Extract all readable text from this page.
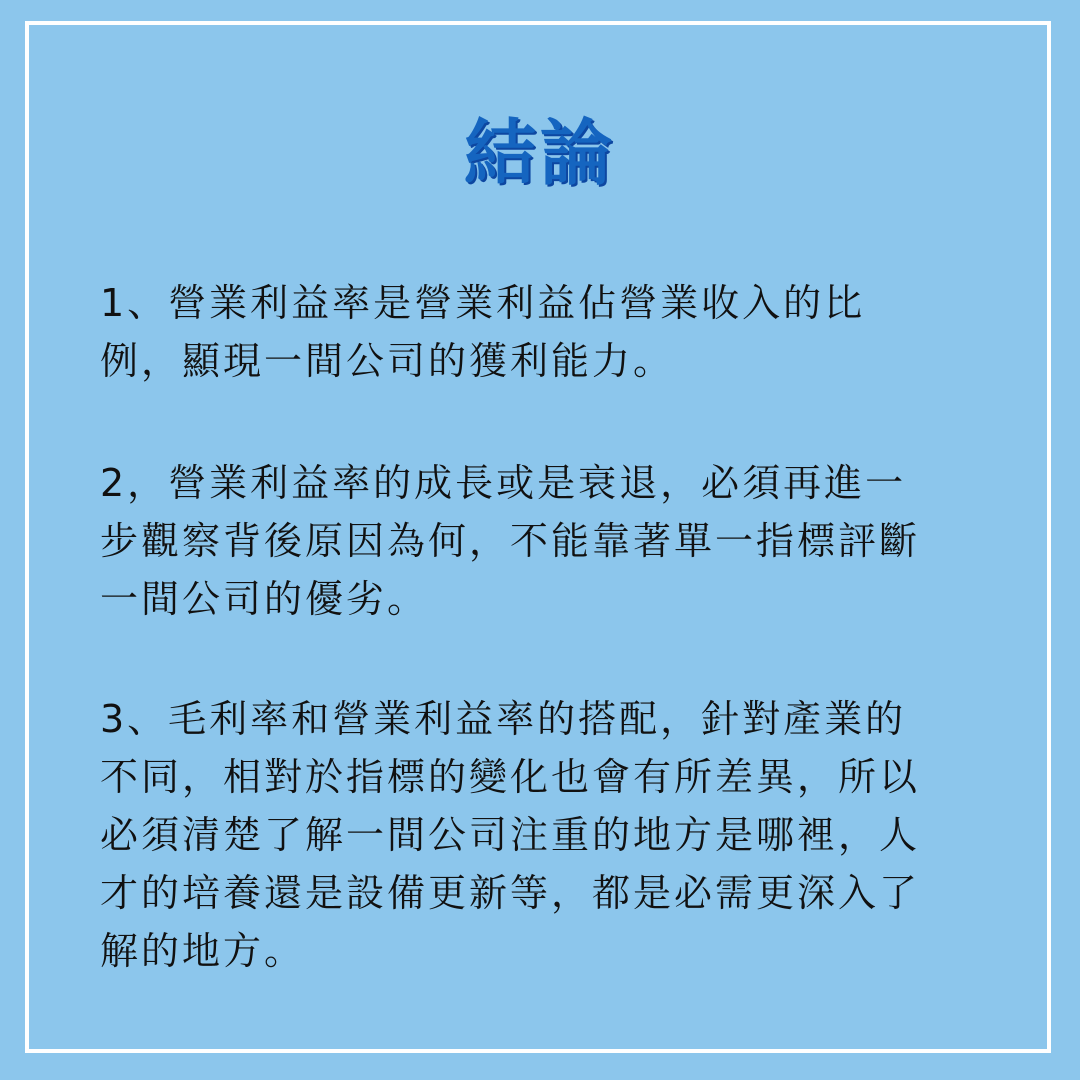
結論
1、營業利益率是營業利益佔營業收入的比
例，顯現一間公司的獲利能力。
2，營業利益率的成長或是衰退，必須再進一
步觀察背後原因為何，不能靠著單一指標評斷
一間公司的優劣。
3、毛利率和營業利益率的搭配，針對產業的
不同，相對於指標的變化也會有所差異，所以
必須清楚了解一間公司注重的地方是哪裡，人
才的培養還是設備更新等，都是必需更深入了
解的地方。
